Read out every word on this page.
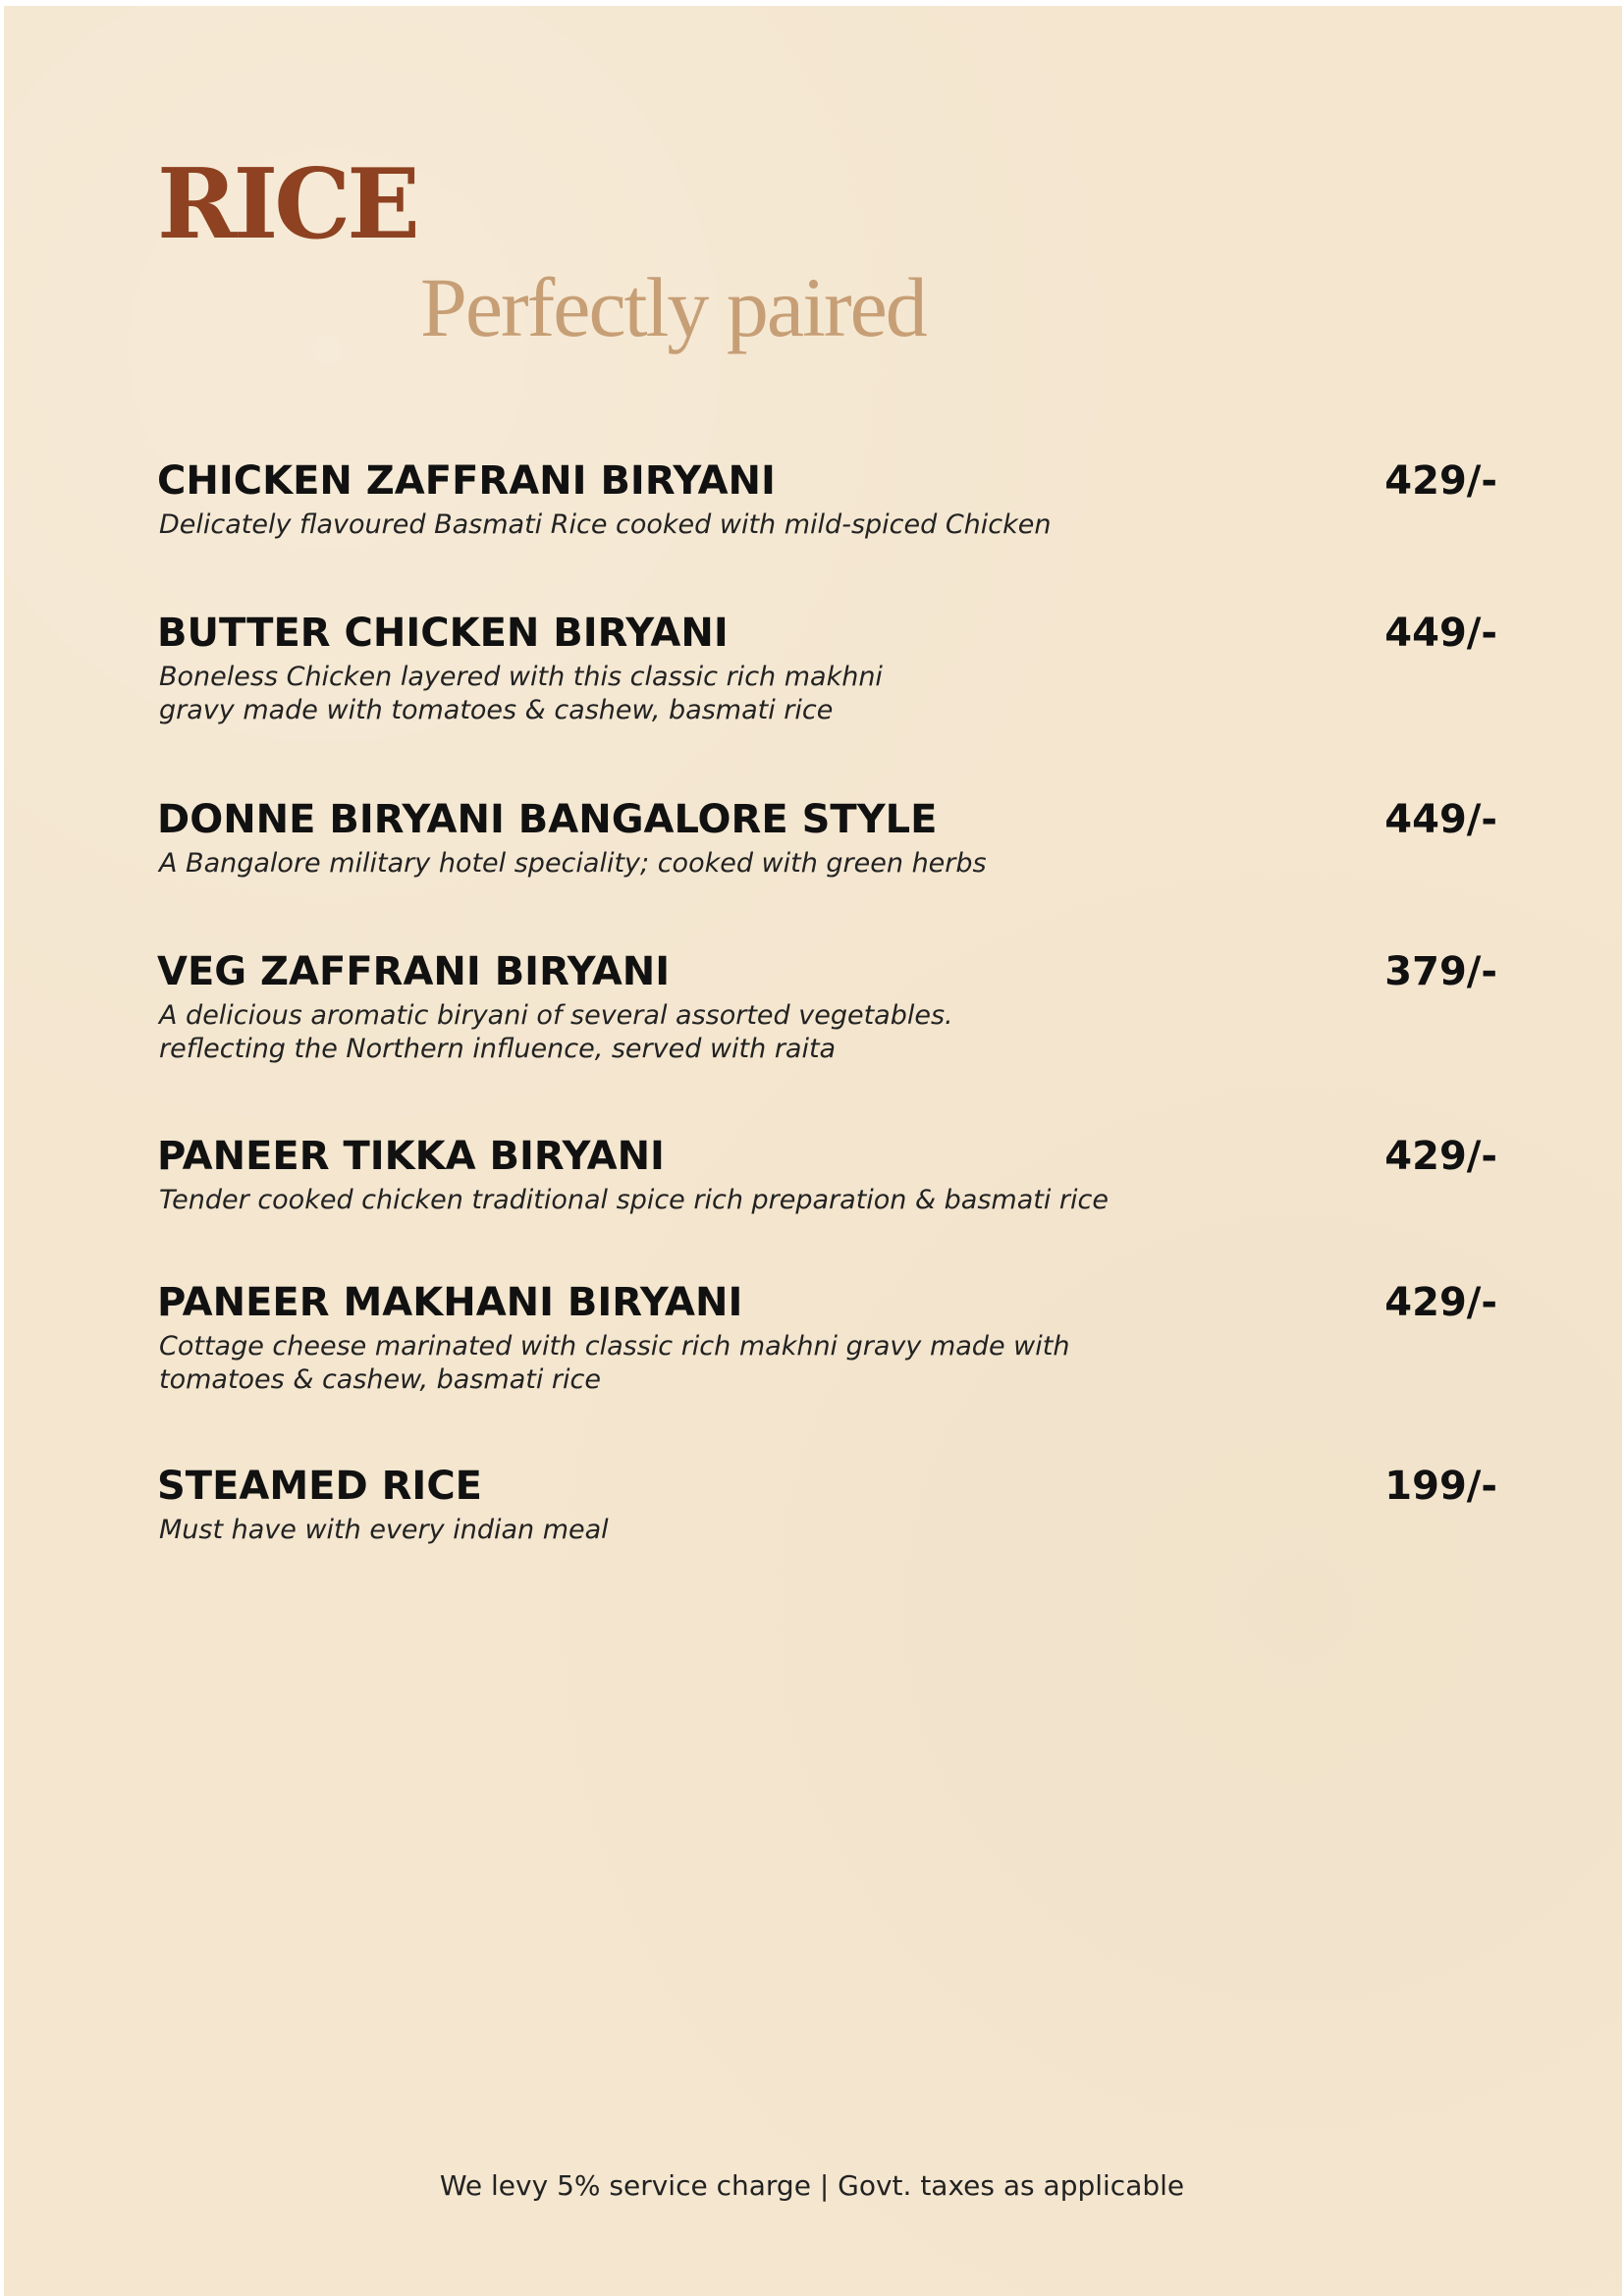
RICE
Perfectly paired
CHICKEN ZAFFRANI BIRYANI	429/-
Delicately flavoured Basmati Rice cooked with mild-spiced Chicken
BUTTER CHICKEN BIRYANI	449/-
Boneless Chicken layered with this classic rich makhni
gravy made with tomatoes & cashew, basmati rice
DONNE BIRYANI BANGALORE STYLE	449/-
A Bangalore military hotel speciality; cooked with green herbs
VEG ZAFFRANI BIRYANI	379/-
A delicious aromatic biryani of several assorted vegetables.
reflecting the Northern influence, served with raita
PANEER TIKKA BIRYANI	429/-
Tender cooked chicken traditional spice rich preparation & basmati rice
PANEER MAKHANI BIRYANI	429/-
Cottage cheese marinated with classic rich makhni gravy made with
tomatoes & cashew, basmati rice
STEAMED RICE	199/-
Must have with every indian meal
We levy 5% service charge | Govt. taxes as applicable
